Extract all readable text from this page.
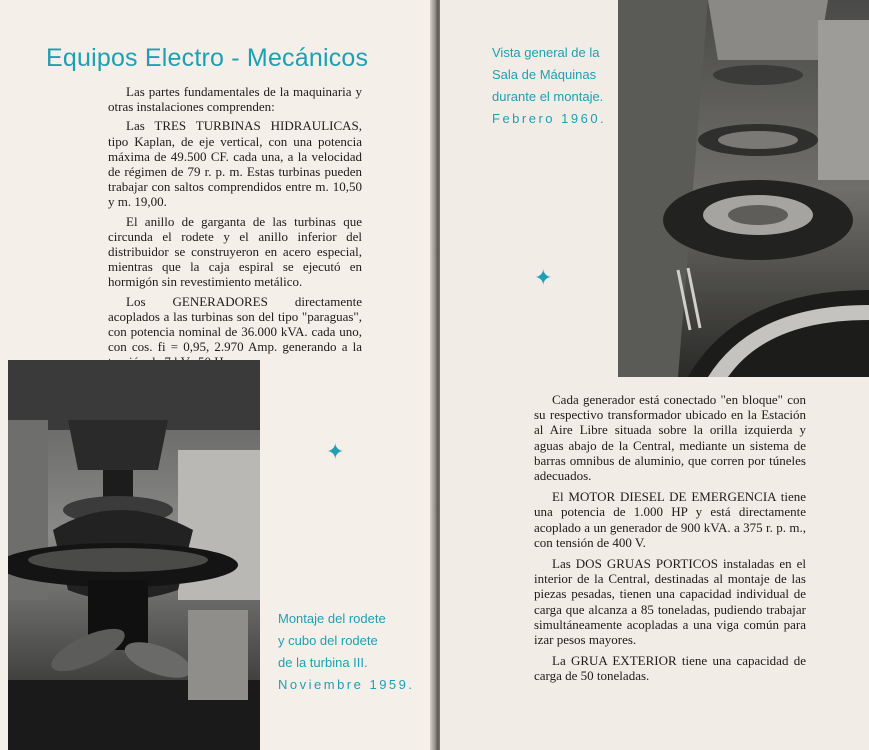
Equipos Electro - Mecánicos

Las partes fundamentales de la maquinaria y otras instalaciones comprenden:

Las TRES TURBINAS HIDRAULICAS, tipo Kaplan, de eje vertical, con una potencia máxima de 49.500 CF. cada una, a la velocidad de régimen de 79 r. p. m. Estas turbinas pueden trabajar con saltos comprendidos entre m. 10,50 y m. 19,00.

El anillo de garganta de las turbinas que circunda el rodete y el anillo inferior del distribuidor se construyeron en acero especial, mientras que la caja espiral se ejecutó en hormigón sin revestimiento metálico.

Los GENERADORES directamente acoplados a las turbinas son del tipo "paraguas", con potencia nominal de 36.000 kVA. cada uno, con cos. fi = 0,95, 2.970 Amp. generando a la

✦

Montaje del rodete
y cubo del rodete
de la turbina III.
Noviembre 1959.

Vista general de la
Sala de Máquinas
durante el montaje.
Febrero 1960.

✦

Cada generador está conectado "en bloque" con su respectivo transformador ubicado en la Estación al Aire Libre situada sobre la orilla izquierda y aguas abajo de la Central, mediante un sistema de barras omnibus de aluminio, que corren por túneles adecuados.

El MOTOR DIESEL DE EMERGENCIA tiene una potencia de 1.000 HP y está directamente acoplado a un generador de 900 kVA. a 375 r. p. m., con tensión de 400 V.

Las DOS GRUAS PORTICOS instaladas en el interior de la Central, destinadas al montaje de las piezas pesadas, tienen una capacidad individual de carga que alcanza a 85 toneladas, pudiendo trabajar simultáneamente acopladas a una viga común para izar pesos mayores.

La GRUA EXTERIOR tiene una capacidad de carga de 50 toneladas.
